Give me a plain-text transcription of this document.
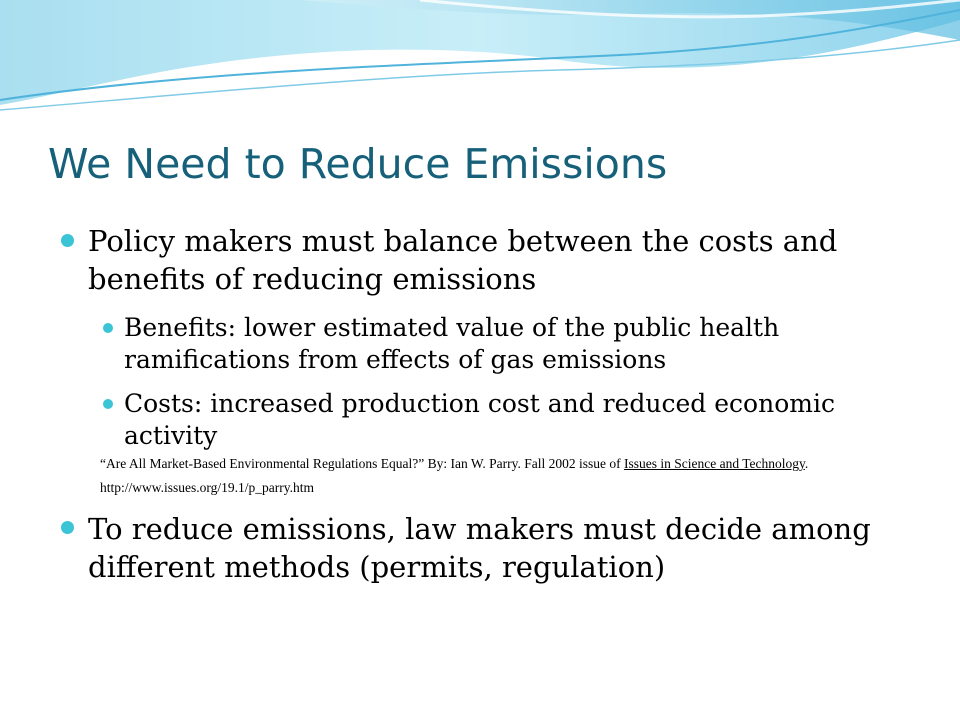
We Need to Reduce Emissions

Policy makers must balance between the costs and benefits of reducing emissions

Benefits: lower estimated value of the public health ramifications from effects of gas emissions

Costs: increased production cost and reduced economic activity

“Are All Market-Based Environmental Regulations Equal?” By: Ian W. Parry. Fall 2002 issue of Issues in Science and Technology. http://www.issues.org/19.1/p_parry.htm

To reduce emissions, law makers must decide among different methods (permits, regulation)
